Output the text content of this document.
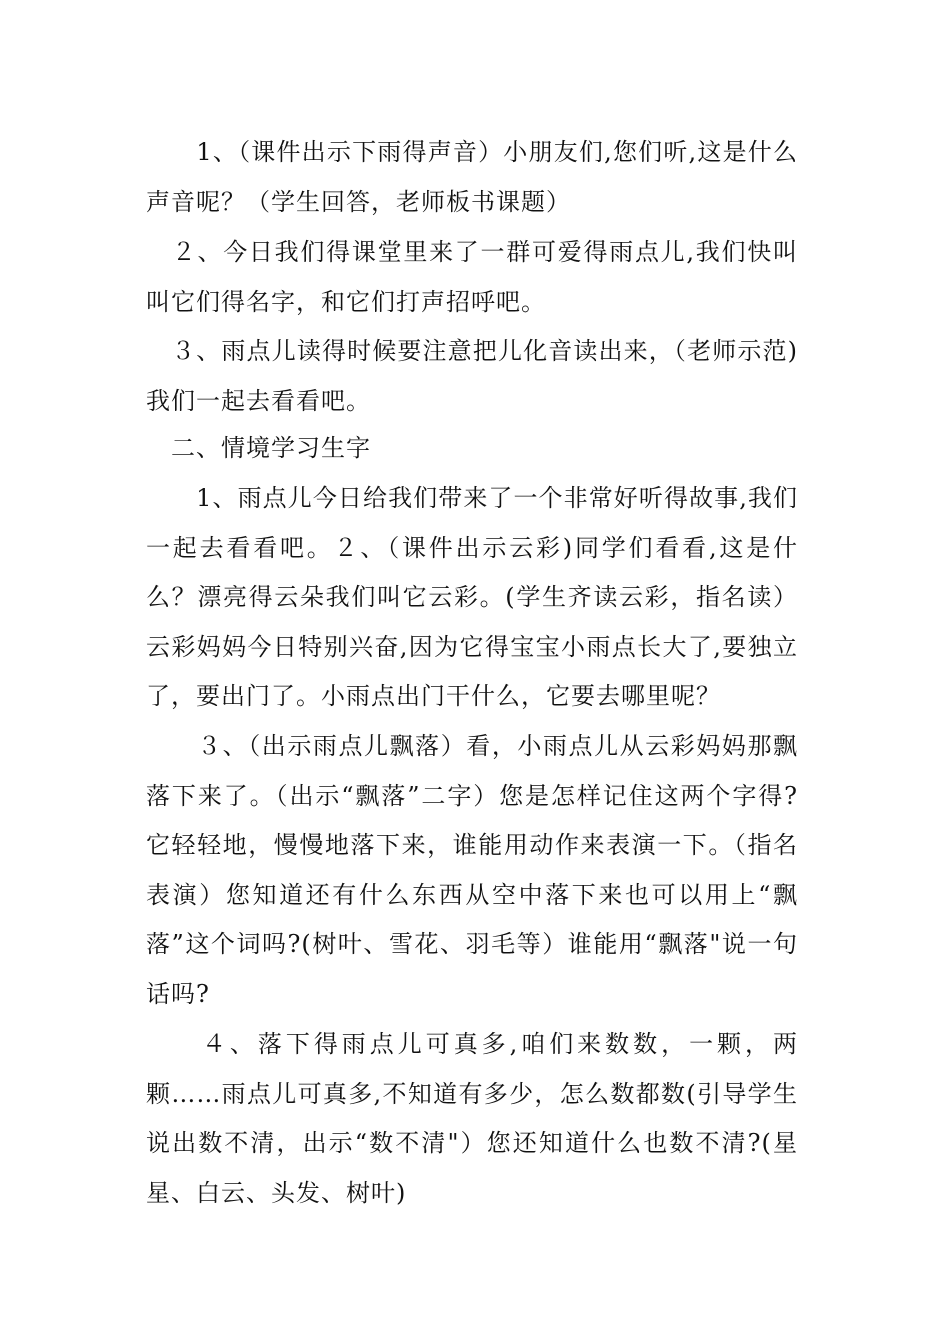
　　1、（课件出示下雨得声音）小朋友们,您们听,这是什么声音呢？（学生回答，老师板书课题）

　２、今日我们得课堂里来了一群可爱得雨点儿,我们快叫叫它们得名字，和它们打声招呼吧。

　３、雨点儿读得时候要注意把儿化音读出来，（老师示范)我们一起去看看吧。

　二、情境学习生字

　　1、雨点儿今日给我们带来了一个非常好听得故事,我们一起去看看吧。２、（课件出示云彩)同学们看看,这是什么？漂亮得云朵我们叫它云彩。(学生齐读云彩，指名读）云彩妈妈今日特别兴奋,因为它得宝宝小雨点长大了,要独立了，要出门了。小雨点出门干什么，它要去哪里呢？

　　３、（出示雨点儿飘落）看，小雨点儿从云彩妈妈那飘落下来了。（出示“飘落”二字）您是怎样记住这两个字得?它轻轻地，慢慢地落下来，谁能用动作来表演一下。（指名表演）您知道还有什么东西从空中落下来也可以用上“飘落”这个词吗?(树叶、雪花、羽毛等）谁能用“飘落"说一句话吗?

　　４、落下得雨点儿可真多,咱们来数数，一颗，两颗……雨点儿可真多,不知道有多少，怎么数都数(引导学生说出数不清，出示“数不清"）您还知道什么也数不清?(星星、白云、头发、树叶)
